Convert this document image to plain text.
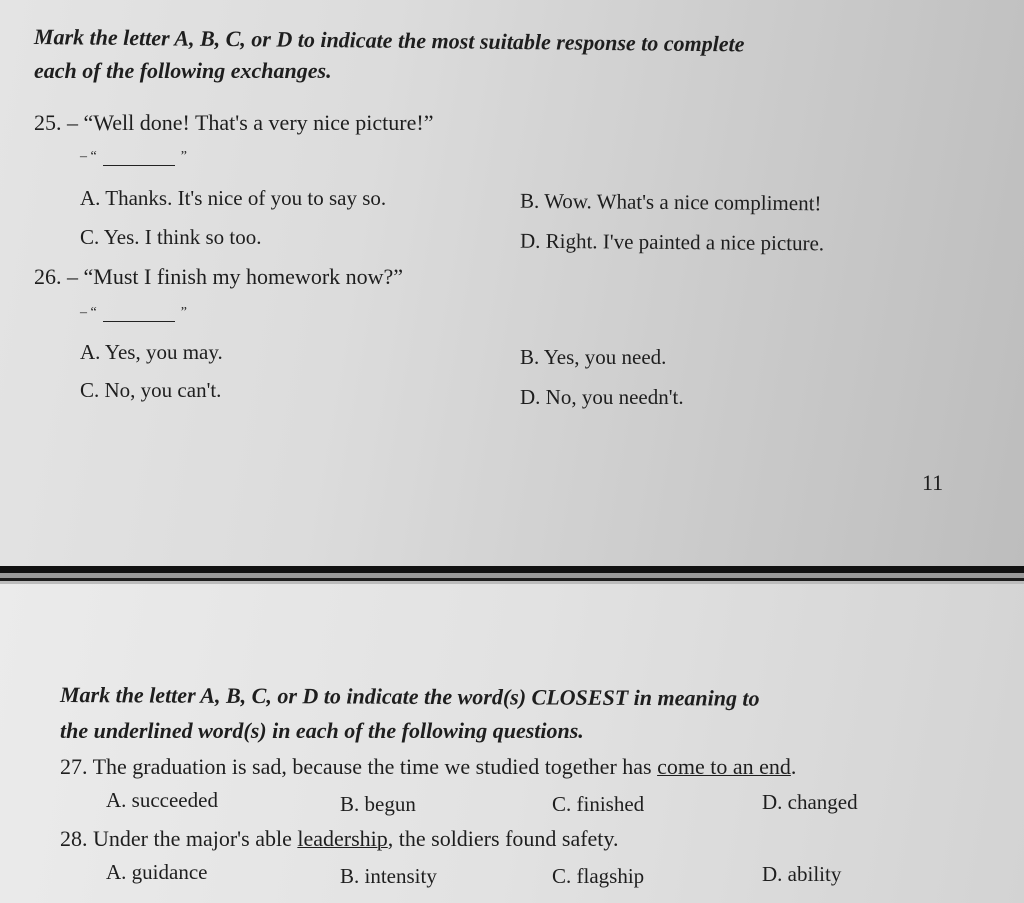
Mark the letter A, B, C, or D to indicate the most suitable response to complete
each of the following exchanges.
25. – “Well done! That's a very nice picture!”
– “	”
A. Thanks. It's nice of you to say so.	B. Wow. What's a nice compliment!
C. Yes. I think so too.	D. Right. I've painted a nice picture.
26. – “Must I finish my homework now?”
– “	”
A. Yes, you may.	B. Yes, you need.
C. No, you can't.	D. No, you needn't.
11
Mark the letter A, B, C, or D to indicate the word(s) CLOSEST in meaning to
the underlined word(s) in each of the following questions.
27. The graduation is sad, because the time we studied together has come to an end.
A. succeeded	B. begun	C. finished	D. changed
28. Under the major's able leadership, the soldiers found safety.
A. guidance	B. intensity	C. flagship	D. ability
